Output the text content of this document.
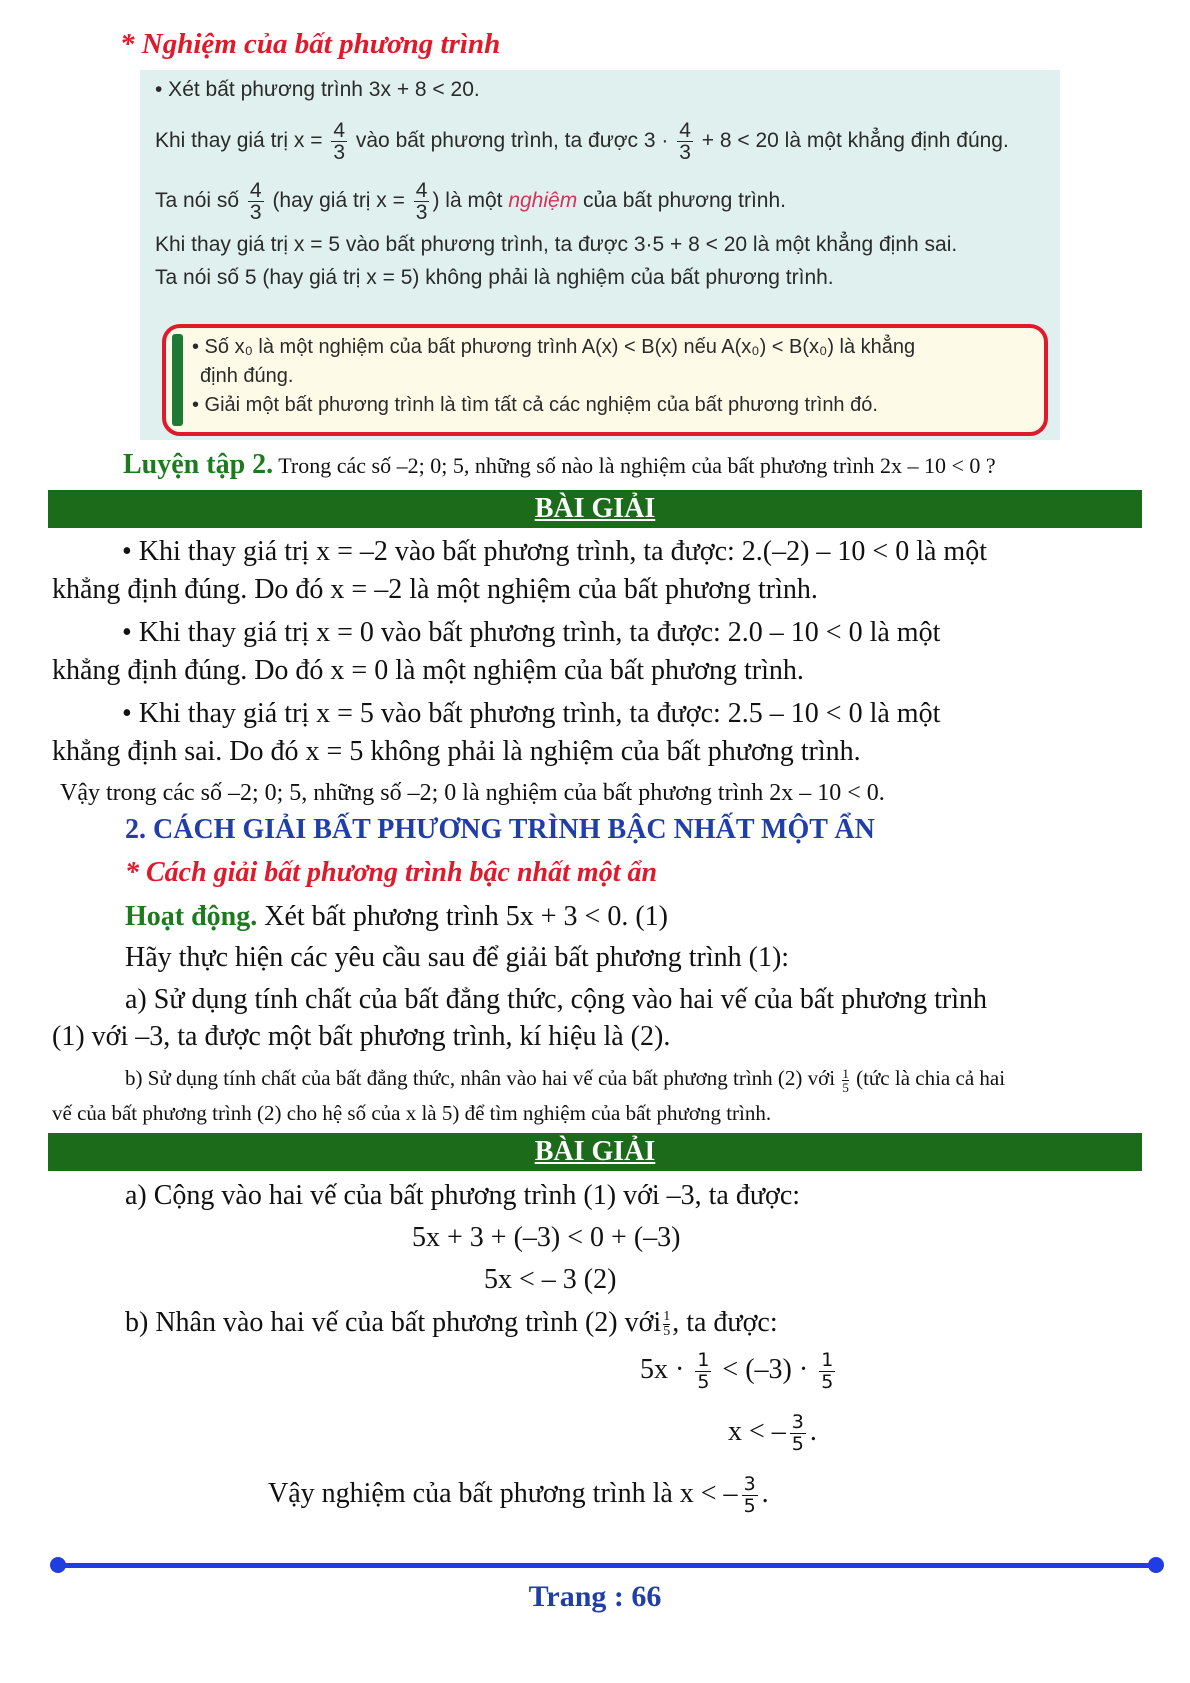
* Nghiệm của bất phương trình
• Xét bất phương trình 3x + 8 < 20.
Khi thay giá trị $x = \frac{4}{3}$ vào bất phương trình, ta được $3 \cdot \frac{4}{3} + 8 < 20$ là một khẳng định đúng.
Ta nói số $\frac{4}{3} (hay$ giá trị $x = \frac{4}{3}$ ) là một nghiệm của bất phương trình.
Khi thay giá trị x = 5 vào bất phương trình, ta được 3·5 + 8 < 20 là một khẳng định sai.
Ta nói số 5 (hay giá trị x = 5) không phải là nghiệm của bất phương trình.
• Số x₀ là một nghiệm của bất phương trình A(x) < B(x) nếu A(x₀) < B(x₀) là khẳng
định đúng.
• Giải một bất phương trình là tìm tất cả các nghiệm của bất phương trình đó.
Luyện tập 2. Trong các số –2; 0; 5, những số nào là nghiệm của bất phương trình 2x – 10 < 0 ?
BÀI GIẢI
• Khi thay giá trị x = –2 vào bất phương trình, ta được: 2.(–2) – 10 < 0 là một
khẳng định đúng. Do đó x = –2 là một nghiệm của bất phương trình.
• Khi thay giá trị x = 0 vào bất phương trình, ta được: 2.0 – 10 < 0 là một
khẳng định đúng. Do đó x = 0 là một nghiệm của bất phương trình.
• Khi thay giá trị x = 5 vào bất phương trình, ta được: 2.5 – 10 < 0 là một
khẳng định sai. Do đó x = 5 không phải là nghiệm của bất phương trình.
Vậy trong các số –2; 0; 5, những số –2; 0 là nghiệm của bất phương trình 2x – 10 < 0.
2. CÁCH GIẢI BẤT PHƯƠNG TRÌNH BẬC NHẤT MỘT ẨN
* Cách giải bất phương trình bậc nhất một ẩn
Hoạt động. Xét bất phương trình 5x + 3 < 0. (1)
Hãy thực hiện các yêu cầu sau để giải bất phương trình (1):
a) Sử dụng tính chất của bất đẳng thức, cộng vào hai vế của bất phương trình
(1) với –3, ta được một bất phương trình, kí hiệu là (2).
b) Sử dụng tính chất của bất đẳng thức, nhân vào hai vế của bất phương trình (2) với $\frac{1}{5}$ (tức là chia cả hai
vế của bất phương trình (2) cho hệ số của x là 5) để tìm nghiệm của bất phương trình.
BÀI GIẢI
a) Cộng vào hai vế của bất phương trình (1) với –3, ta được:
5x + 3 + (–3) < 0 + (–3)
5x < – 3 (2)
b) Nhân vào hai vế của bất phương trình (2) với $\frac{1}{5}$ , ta được:
$5x \cdot \frac{1}{5} < (-3) \cdot \frac{1}{5}$
x < – $\frac{3}{5}$ .
Vậy nghiệm của bất phương trình là x < – $\frac{3}{5}$ .
Trang : 66
